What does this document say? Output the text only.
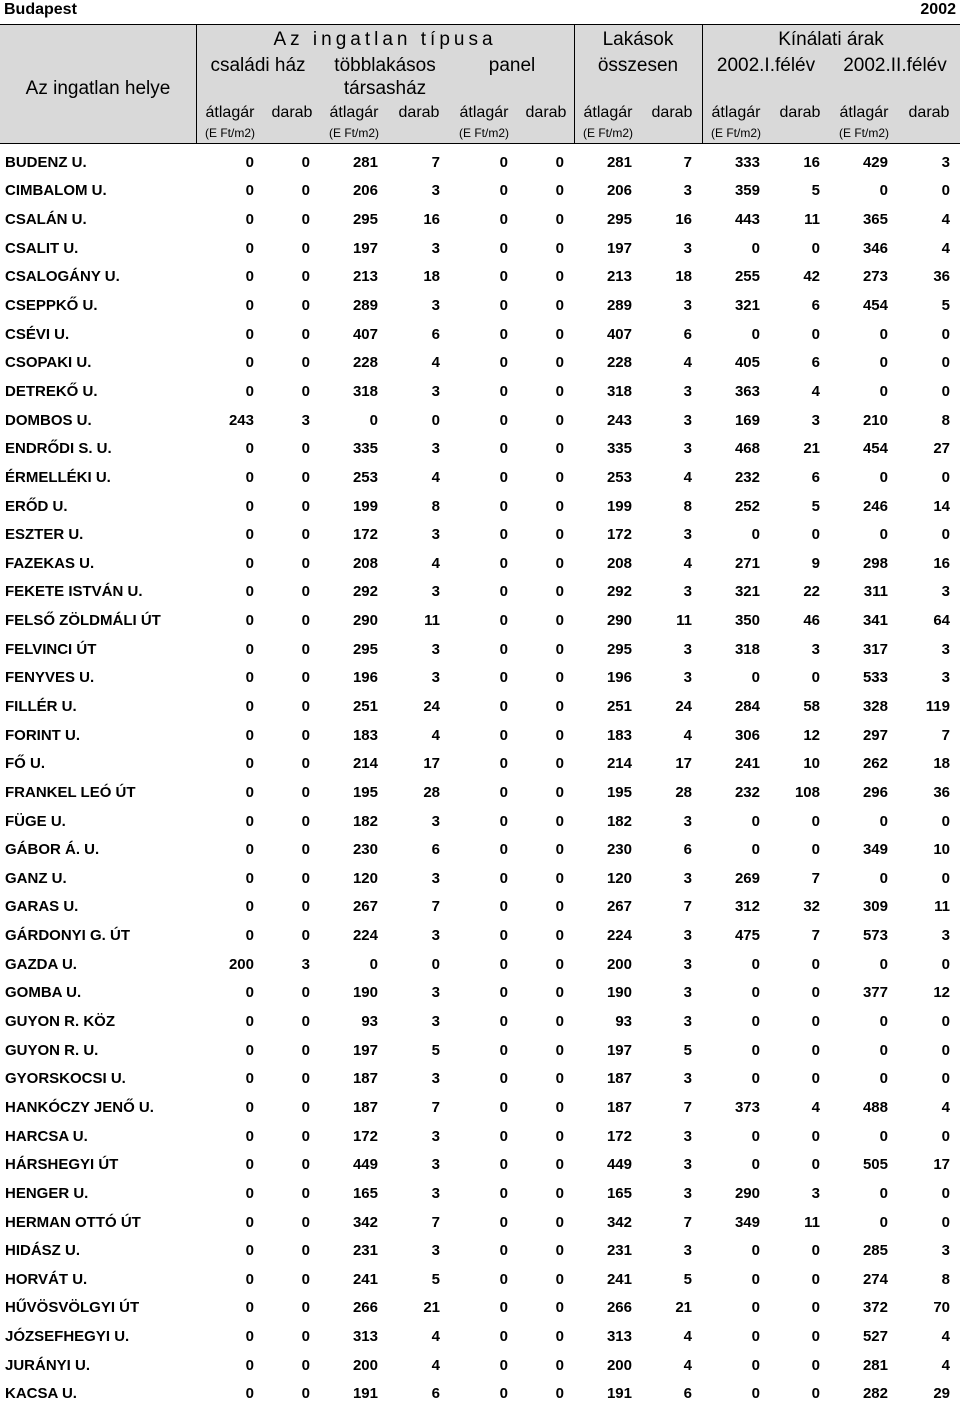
Budapest	2002
Az ingatlan helye
Az ingatlan típusa	Lakások
összesen
Kínálati árak
családi ház	többlakásos
társasház
panel	2002.I.félév	2002.II.félév
átlagár	darab	átlagár	darab	átlagár	darab	átlagár	darab	átlagár	darab	átlagár	darab
(E Ft/m2)	(E Ft/m2)	(E Ft/m2)	(E Ft/m2)	(E Ft/m2)	(E Ft/m2)
BUDENZ U.	0	0	281	7	0	0	281	7	333	16	429	3
CIMBALOM U.	0	0	206	3	0	0	206	3	359	5	0	0
CSALÁN U.	0	0	295	16	0	0	295	16	443	11	365	4
CSALIT U.	0	0	197	3	0	0	197	3	0	0	346	4
CSALOGÁNY U.	0	0	213	18	0	0	213	18	255	42	273	36
CSEPPKŐ U.	0	0	289	3	0	0	289	3	321	6	454	5
CSÉVI U.	0	0	407	6	0	0	407	6	0	0	0	0
CSOPAKI U.	0	0	228	4	0	0	228	4	405	6	0	0
DETREKŐ U.	0	0	318	3	0	0	318	3	363	4	0	0
DOMBOS U.	243	3	0	0	0	0	243	3	169	3	210	8
ENDRŐDI S. U.	0	0	335	3	0	0	335	3	468	21	454	27
ÉRMELLÉKI U.	0	0	253	4	0	0	253	4	232	6	0	0
ERŐD U.	0	0	199	8	0	0	199	8	252	5	246	14
ESZTER U.	0	0	172	3	0	0	172	3	0	0	0	0
FAZEKAS U.	0	0	208	4	0	0	208	4	271	9	298	16
FEKETE ISTVÁN U.	0	0	292	3	0	0	292	3	321	22	311	3
FELSŐ ZÖLDMÁLI ÚT	0	0	290	11	0	0	290	11	350	46	341	64
FELVINCI ÚT	0	0	295	3	0	0	295	3	318	3	317	3
FENYVES U.	0	0	196	3	0	0	196	3	0	0	533	3
FILLÉR U.	0	0	251	24	0	0	251	24	284	58	328	119
FORINT U.	0	0	183	4	0	0	183	4	306	12	297	7
FŐ U.	0	0	214	17	0	0	214	17	241	10	262	18
FRANKEL LEÓ ÚT	0	0	195	28	0	0	195	28	232	108	296	36
FÜGE U.	0	0	182	3	0	0	182	3	0	0	0	0
GÁBOR Á. U.	0	0	230	6	0	0	230	6	0	0	349	10
GANZ U.	0	0	120	3	0	0	120	3	269	7	0	0
GARAS U.	0	0	267	7	0	0	267	7	312	32	309	11
GÁRDONYI G. ÚT	0	0	224	3	0	0	224	3	475	7	573	3
GAZDA U.	200	3	0	0	0	0	200	3	0	0	0	0
GOMBA U.	0	0	190	3	0	0	190	3	0	0	377	12
GUYON R. KÖZ	0	0	93	3	0	0	93	3	0	0	0	0
GUYON R. U.	0	0	197	5	0	0	197	5	0	0	0	0
GYORSKOCSI U.	0	0	187	3	0	0	187	3	0	0	0	0
HANKÓCZY JENŐ U.	0	0	187	7	0	0	187	7	373	4	488	4
HARCSA U.	0	0	172	3	0	0	172	3	0	0	0	0
HÁRSHEGYI ÚT	0	0	449	3	0	0	449	3	0	0	505	17
HENGER U.	0	0	165	3	0	0	165	3	290	3	0	0
HERMAN OTTÓ ÚT	0	0	342	7	0	0	342	7	349	11	0	0
HIDÁSZ U.	0	0	231	3	0	0	231	3	0	0	285	3
HORVÁT U.	0	0	241	5	0	0	241	5	0	0	274	8
HŰVÖSVÖLGYI ÚT	0	0	266	21	0	0	266	21	0	0	372	70
JÓZSEFHEGYI U.	0	0	313	4	0	0	313	4	0	0	527	4
JURÁNYI U.	0	0	200	4	0	0	200	4	0	0	281	4
KACSA U.	0	0	191	6	0	0	191	6	0	0	282	29
